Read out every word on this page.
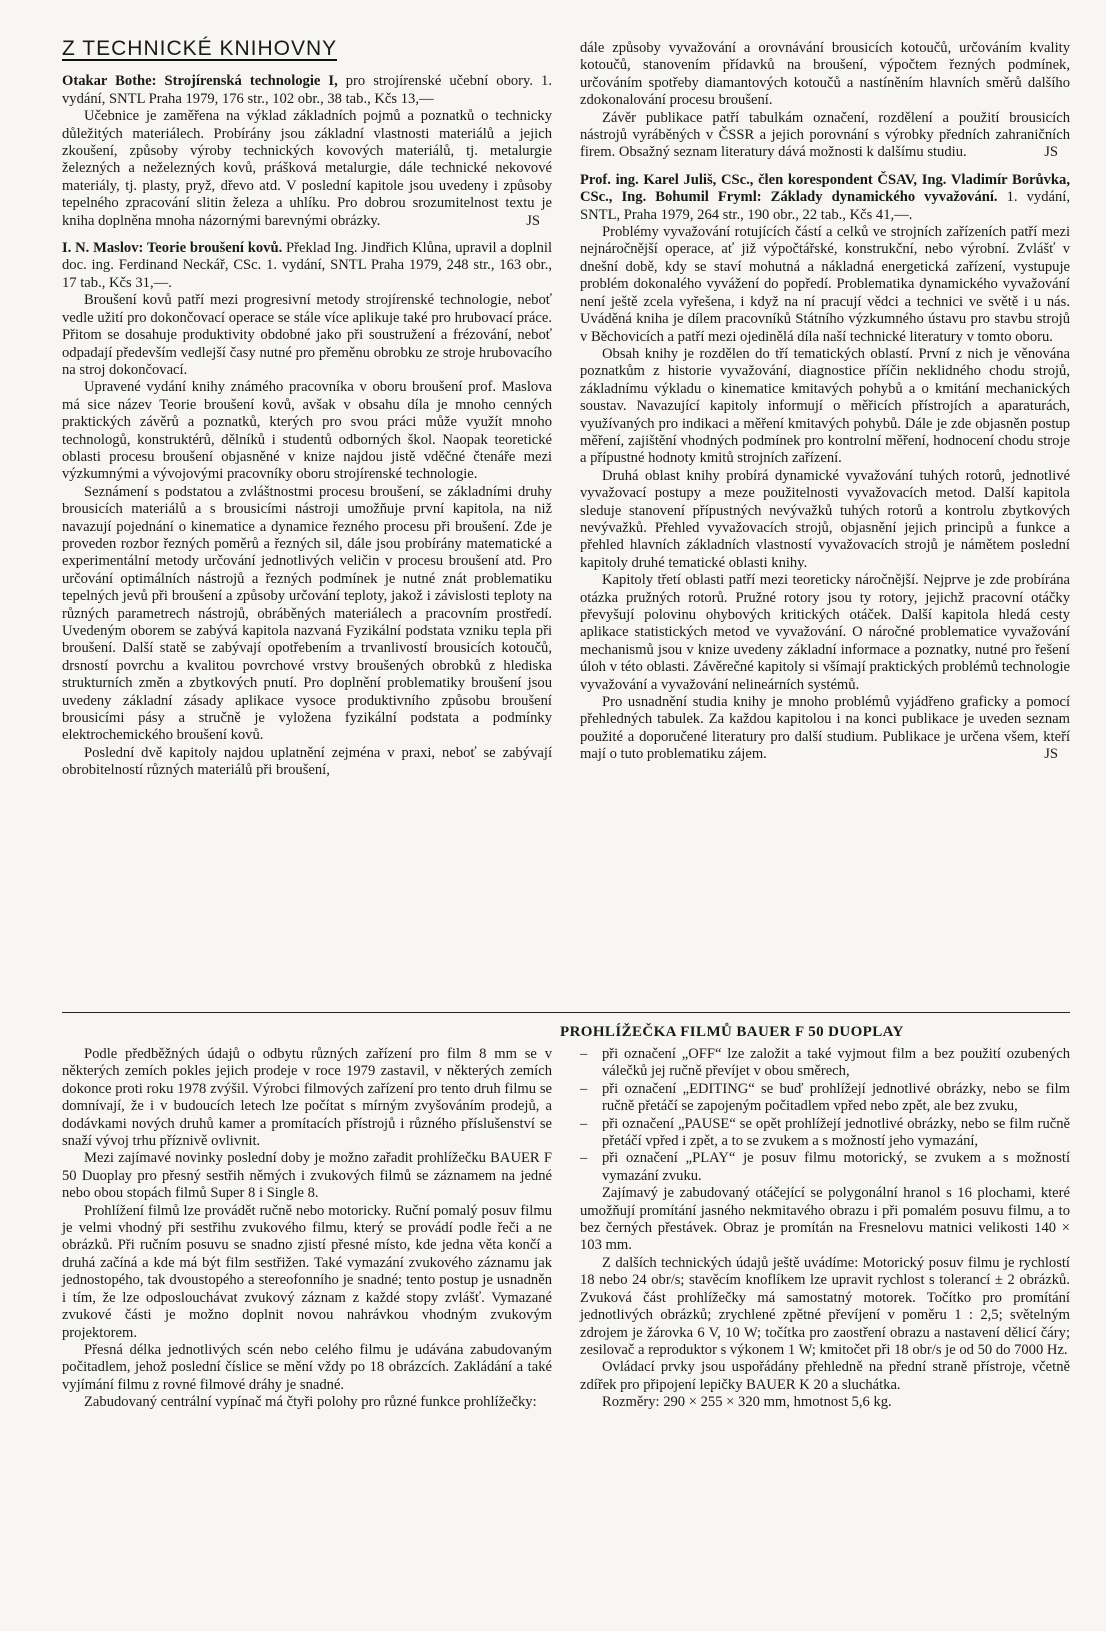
Z TECHNICKÉ KNIHOVNY

Otakar Bothe: Strojírenská technologie I, pro strojírenské učební obory. 1. vydání, SNTL Praha 1979, 176 str., 102 obr., 38 tab., Kčs 13,—

Učebnice je zaměřena na výklad základních pojmů a poznatků o technicky důležitých materiálech. Probírány jsou základní vlastnosti materiálů a jejich zkoušení, způsoby výroby technických kovových materiálů, tj. metalurgie železných a neželezných kovů, prášková metalurgie, dále technické nekovové materiály, tj. plasty, pryž, dřevo atd. V poslední kapitole jsou uvedeny i způsoby tepelného zpracování slitin železa a uhlíku. Pro dobrou srozumitelnost textu je kniha doplněna mnoha názornými barevnými obrázky.	JS

I. N. Maslov: Teorie broušení kovů. Překlad Ing. Jindřich Klůna, upravil a doplnil doc. ing. Ferdinand Neckář, CSc. 1. vydání, SNTL Praha 1979, 248 str., 163 obr., 17 tab., Kčs 31,—.

Broušení kovů patří mezi progresivní metody strojírenské technologie, neboť vedle užití pro dokončovací operace se stále více aplikuje také pro hrubovací práce. Přitom se dosahuje produktivity obdobné jako při soustružení a frézování, neboť odpadají především vedlejší časy nutné pro přeměnu obrobku ze stroje hrubovacího na stroj dokončovací.

Upravené vydání knihy známého pracovníka v oboru broušení prof. Maslova má sice název Teorie broušení kovů, avšak v obsahu díla je mnoho cenných praktických závěrů a poznatků, kterých pro svou práci může využít mnoho technologů, konstruktérů, dělníků i studentů odborných škol. Naopak teoretické oblasti procesu broušení objasněné v knize najdou jistě vděčné čtenáře mezi výzkumnými a vývojovými pracovníky oboru strojírenské technologie.

Seznámení s podstatou a zvláštnostmi procesu broušení, se základními druhy brousicích materiálů a s brousicími nástroji umožňuje první kapitola, na niž navazují pojednání o kinematice a dynamice řezného procesu při broušení. Zde je proveden rozbor řezných poměrů a řezných sil, dále jsou probírány matematické a experimentální metody určování jednotlivých veličin v procesu broušení atd. Pro určování optimálních nástrojů a řezných podmínek je nutné znát problematiku tepelných jevů při broušení a způsoby určování teploty, jakož i závislosti teploty na různých parametrech nástrojů, obráběných materiálech a pracovním prostředí. Uvedeným oborem se zabývá kapitola nazvaná Fyzikální podstata vzniku tepla při broušení. Další statě se zabývají opotřebením a trvanlivostí brousicích kotoučů, drsností povrchu a kvalitou povrchové vrstvy broušených obrobků z hlediska strukturních změn a zbytkových pnutí. Pro doplnění problematiky broušení jsou uvedeny základní zásady aplikace vysoce produktivního způsobu broušení brousicími pásy a stručně je vyložena fyzikální podstata a podmínky elektrochemického broušení kovů.

Poslední dvě kapitoly najdou uplatnění zejména v praxi, neboť se zabývají obrobitelností různých materiálů při broušení,

dále způsoby vyvažování a orovnávání brousicích kotoučů, určováním kvality kotoučů, stanovením přídavků na broušení, výpočtem řezných podmínek, určováním spotřeby diamantových kotoučů a nastíněním hlavních směrů dalšího zdokonalování procesu broušení.

Závěr publikace patří tabulkám označení, rozdělení a použití brousicích nástrojů vyráběných v ČSSR a jejich porovnání s výrobky předních zahraničních firem. Obsažný seznam literatury dává možnosti k dalšímu studiu.	JS

Prof. ing. Karel Juliš, CSc., člen korespondent ČSAV, Ing. Vladimír Borůvka, CSc., Ing. Bohumil Fryml: Základy dynamického vyvažování. 1. vydání, SNTL, Praha 1979, 264 str., 190 obr., 22 tab., Kčs 41,—.

Problémy vyvažování rotujících částí a celků ve strojních zařízeních patří mezi nejnáročnější operace, ať již výpočtářské, konstrukční, nebo výrobní. Zvlášť v dnešní době, kdy se staví mohutná a nákladná energetická zařízení, vystupuje problém dokonalého vyvážení do popředí. Problematika dynamického vyvažování není ještě zcela vyřešena, i když na ní pracují vědci a technici ve světě i u nás. Uváděná kniha je dílem pracovníků Státního výzkumného ústavu pro stavbu strojů v Běchovicích a patří mezi ojedinělá díla naší technické literatury v tomto oboru.

Obsah knihy je rozdělen do tří tematických oblastí. První z nich je věnována poznatkům z historie vyvažování, diagnostice příčin neklidného chodu strojů, základnímu výkladu o kinematice kmitavých pohybů a o kmitání mechanických soustav. Navazující kapitoly informují o měřicích přístrojích a aparaturách, využívaných pro indikaci a měření kmitavých pohybů. Dále je zde objasněn postup měření, zajištění vhodných podmínek pro kontrolní měření, hodnocení chodu stroje a přípustné hodnoty kmitů strojních zařízení.

Druhá oblast knihy probírá dynamické vyvažování tuhých rotorů, jednotlivé vyvažovací postupy a meze použitelnosti vyvažovacích metod. Další kapitola sleduje stanovení přípustných nevývažků tuhých rotorů a kontrolu zbytkových nevývažků. Přehled vyvažovacích strojů, objasnění jejich principů a funkce a přehled hlavních základních vlastností vyvažovacích strojů je námětem poslední kapitoly druhé tematické oblasti knihy.

Kapitoly třetí oblasti patří mezi teoreticky náročnější. Nejprve je zde probírána otázka pružných rotorů. Pružné rotory jsou ty rotory, jejichž pracovní otáčky převyšují polovinu ohybových kritických otáček. Další kapitola hledá cesty aplikace statistických metod ve vyvažování. O náročné problematice vyvažování mechanismů jsou v knize uvedeny základní informace a poznatky, nutné pro řešení úloh v této oblasti. Závěrečné kapitoly si všímají praktických problémů technologie vyvažování a vyvažování nelineárních systémů.

Pro usnadnění studia knihy je mnoho problémů vyjádřeno graficky a pomocí přehledných tabulek. Za každou kapitolou i na konci publikace je uveden seznam použité a doporučené literatury pro další studium. Publikace je určena všem, kteří mají o tuto problematiku zájem.	JS

PROHLÍŽEČKA FILMŮ BAUER F 50 DUOPLAY

Podle předběžných údajů o odbytu různých zařízení pro film 8 mm se v některých zemích pokles jejich prodeje v roce 1979 zastavil, v některých zemích dokonce proti roku 1978 zvýšil. Výrobci filmových zařízení pro tento druh filmu se domnívají, že i v budoucích letech lze počítat s mírným zvyšováním prodejů, a dodávkami nových druhů kamer a promítacích přístrojů i různého příslušenství se snaží vývoj trhu příznivě ovlivnit.

Mezi zajímavé novinky poslední doby je možno zařadit prohlížečku BAUER F 50 Duoplay pro přesný sestřih němých i zvukových filmů se záznamem na jedné nebo obou stopách filmů Super 8 i Single 8.

Prohlížení filmů lze provádět ručně nebo motoricky. Ruční pomalý posuv filmu je velmi vhodný při sestřihu zvukového filmu, který se provádí podle řeči a ne obrázků. Při ručním posuvu se snadno zjistí přesné místo, kde jedna věta končí a druhá začíná a kde má být film sestřižen. Také vymazání zvukového záznamu jak jednostopého, tak dvoustopého a stereofonního je snadné; tento postup je usnadněn i tím, že lze odposlouchávat zvukový záznam z každé stopy zvlášť. Vymazané zvukové části je možno doplnit novou nahrávkou vhodným zvukovým projektorem.

Přesná délka jednotlivých scén nebo celého filmu je udávána zabudovaným počitadlem, jehož poslední číslice se mění vždy po 18 obrázcích. Zakládání a také vyjímání filmu z rovné filmové dráhy je snadné.

Zabudovaný centrální vypínač má čtyři polohy pro různé funkce prohlížečky:

– při označení „OFF“ lze založit a také vyjmout film a bez použití ozubených válečků jej ručně převíjet v obou směrech,

– při označení „EDITING“ se buď prohlížejí jednotlivé obrázky, nebo se film ručně přetáčí se zapojeným počitadlem vpřed nebo zpět, ale bez zvuku,

– při označení „PAUSE“ se opět prohlížejí jednotlivé obrázky, nebo se film ručně přetáčí vpřed i zpět, a to se zvukem a s možností jeho vymazání,

– při označení „PLAY“ je posuv filmu motorický, se zvukem a s možností vymazání zvuku.

Zajímavý je zabudovaný otáčející se polygonální hranol s 16 plochami, které umožňují promítání jasného nekmitavého obrazu i při pomalém posuvu filmu, a to bez černých přestávek. Obraz je promítán na Fresnelovu matnici velikosti 140 × 103 mm.

Z dalších technických údajů ještě uvádíme: Motorický posuv filmu je rychlostí 18 nebo 24 obr/s; stavěcím knoflíkem lze upravit rychlost s tolerancí ± 2 obrázků. Zvuková část prohlížečky má samostatný motorek. Točítko pro promítání jednotlivých obrázků; zrychlené zpětné převíjení v poměru 1 : 2,5; světelným zdrojem je žárovka 6 V, 10 W; točítka pro zaostření obrazu a nastavení dělicí čáry; zesilovač a reproduktor s výkonem 1 W; kmitočet při 18 obr/s je od 50 do 7000 Hz.

Ovládací prvky jsou uspořádány přehledně na přední straně přístroje, včetně zdířek pro připojení lepičky BAUER K 20 a sluchátka.

Rozměry: 290 × 255 × 320 mm, hmotnost 5,6 kg.
